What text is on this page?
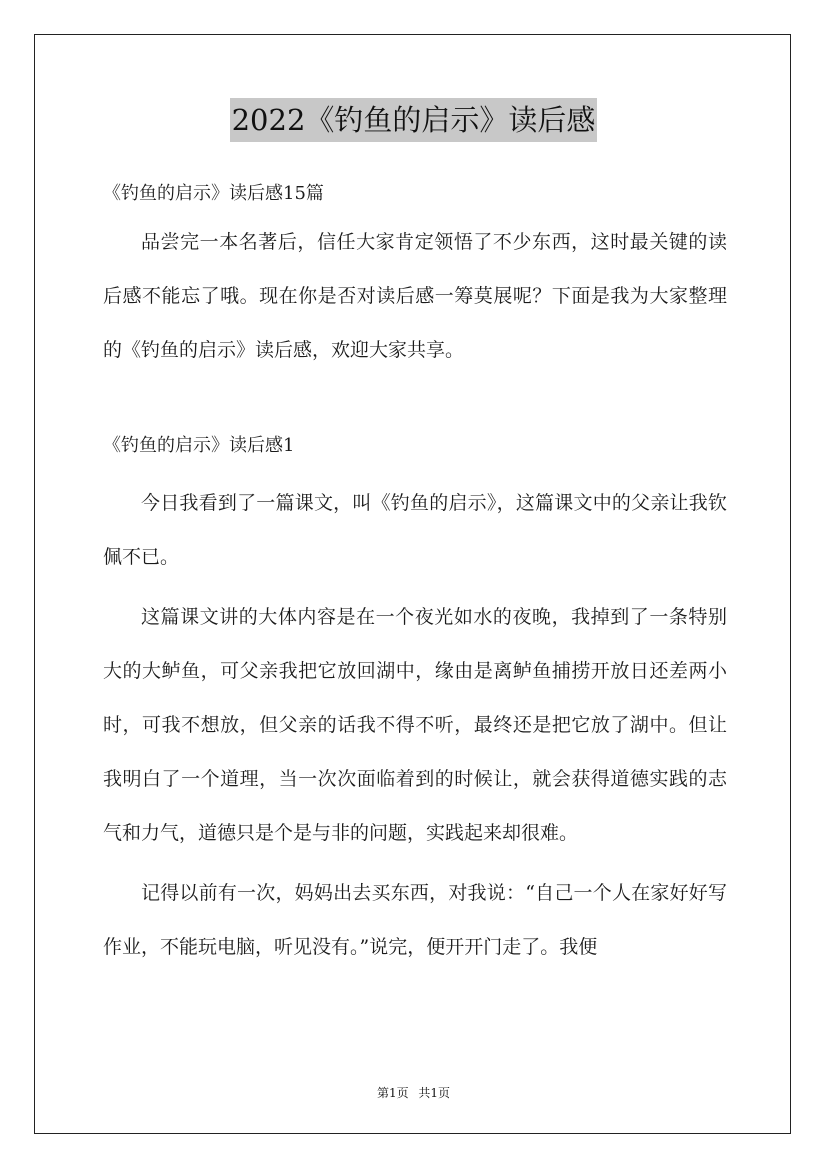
2022《钓鱼的启示》读后感

《钓鱼的启示》读后感15篇

品尝完一本名著后，信任大家肯定领悟了不少东西，这时最关键的读后感不能忘了哦。现在你是否对读后感一筹莫展呢？下面是我为大家整理的《钓鱼的启示》读后感，欢迎大家共享。

《钓鱼的启示》读后感1

今日我看到了一篇课文，叫《钓鱼的启示》，这篇课文中的父亲让我钦佩不已。

这篇课文讲的大体内容是在一个夜光如水的夜晚，我掉到了一条特别大的大鲈鱼，可父亲我把它放回湖中，缘由是离鲈鱼捕捞开放日还差两小时，可我不想放，但父亲的话我不得不听，最终还是把它放了湖中。但让我明白了一个道理，当一次次面临着到的时候让，就会获得道德实践的志气和力气，道德只是个是与非的问题，实践起来却很难。

记得以前有一次，妈妈出去买东西，对我说：“自己一个人在家好好写作业，不能玩电脑，听见没有。”说完，便开开门走了。我便

第1页 共1页
